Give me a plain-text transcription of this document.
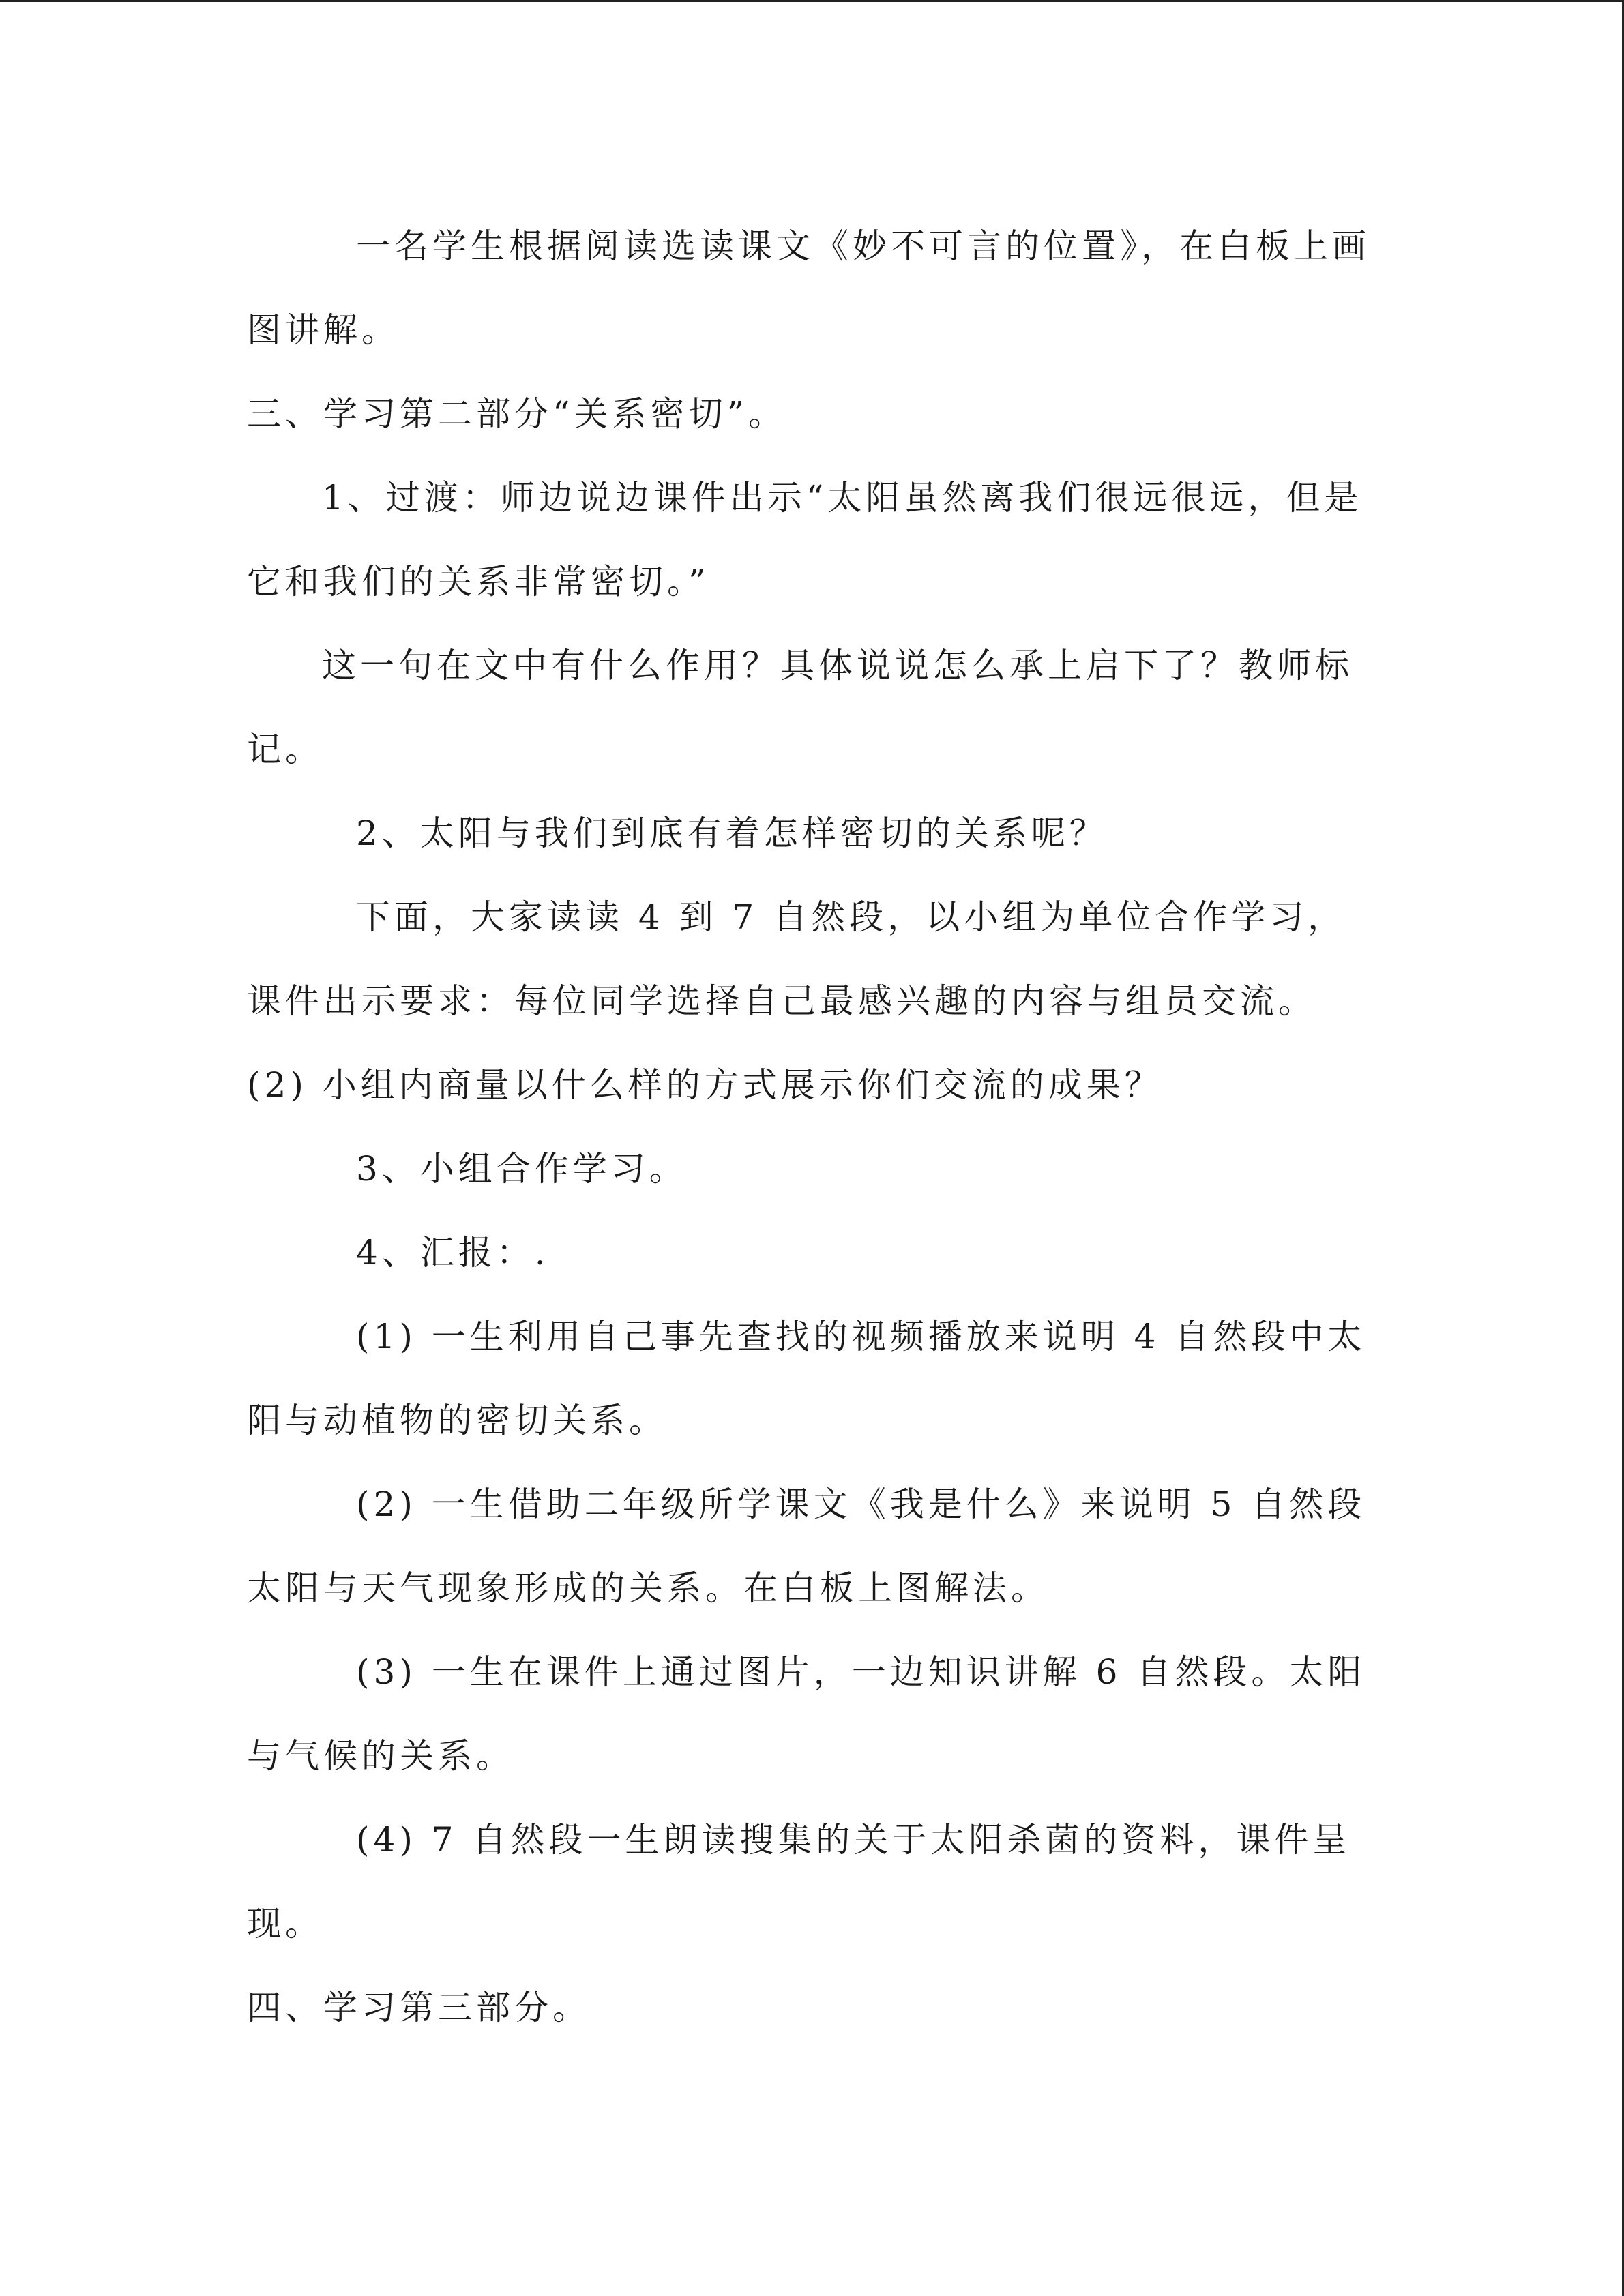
一名学生根据阅读选读课文《妙不可言的位置》，在白板上画图讲解。

三、学习第二部分“关系密切”。

1、过渡：师边说边课件出示“太阳虽然离我们很远很远，但是它和我们的关系非常密切。”

这一句在文中有什么作用？具体说说怎么承上启下了？教师标记。

2、太阳与我们到底有着怎样密切的关系呢？

下面，大家读读 4 到 7 自然段，以小组为单位合作学习，课件出示要求：每位同学选择自己最感兴趣的内容与组员交流。(2) 小组内商量以什么样的方式展示你们交流的成果？

3、小组合作学习。

4、汇报：.

(1) 一生利用自己事先查找的视频播放来说明 4 自然段中太阳与动植物的密切关系。

(2) 一生借助二年级所学课文《我是什么》来说明 5 自然段太阳与天气现象形成的关系。在白板上图解法。

(3) 一生在课件上通过图片，一边知识讲解 6 自然段。太阳与气候的关系。

(4) 7 自然段一生朗读搜集的关于太阳杀菌的资料，课件呈现。

四、学习第三部分。
